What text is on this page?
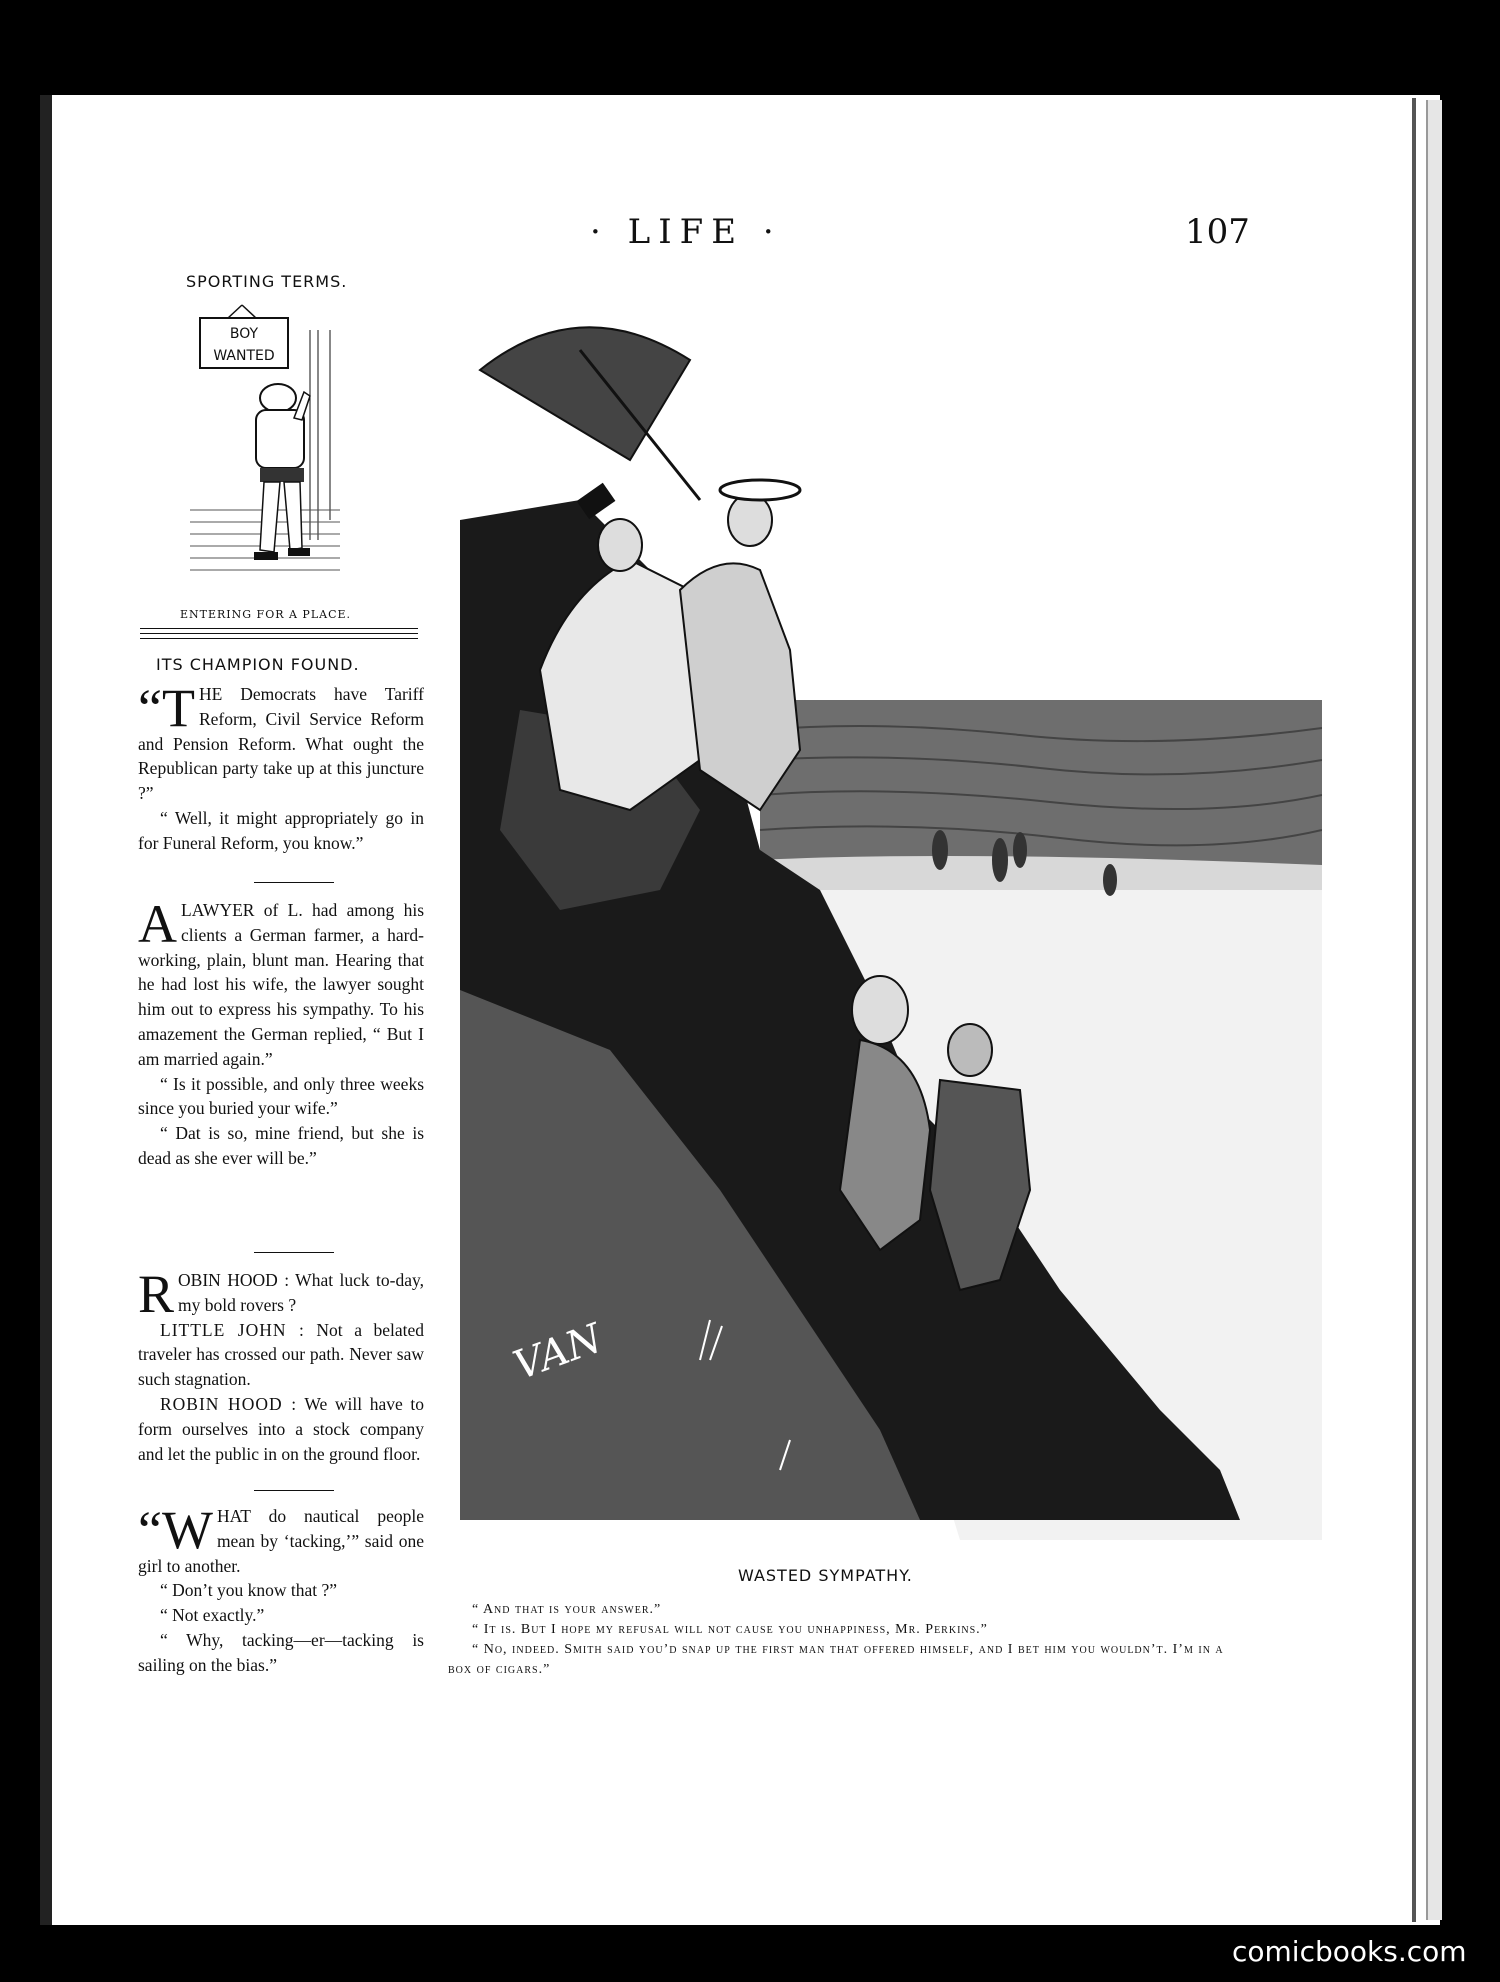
· LIFE ·	107
SPORTING TERMS.
BOY
WANTED
ENTERING FOR A PLACE.
ITS CHAMPION FOUND.

“T HE Democrats have Tariff Reform, Civil Service Reform and Pension Reform. What ought the Republican party take up at this juncture ?”

“ Well, it might appropriately go in for Funeral Reform, you know.”

ALAWYER of L. had among his clients a German farmer, a hard-working, plain, blunt man. Hearing that he had lost his wife, the lawyer sought him out to express his sympathy. To his amazement the German replied, “ But I am married again.”

“ Is it possible, and only three weeks since you buried your wife.”

“ Dat is so, mine friend, but she is dead as she ever will be.”

ROBIN HOOD : What luck to-day, my bold rovers ?

LITTLE JOHN : Not a belated traveler has crossed our path. Never saw such stagnation.

ROBIN HOOD : We will have to form ourselves into a stock company and let the public in on the ground floor.

“W HAT do nautical people mean by ‘tacking,’” said one girl to another.

“ Don’t you know that ?”

“ Not exactly.”

“ Why, tacking—er—tacking is sailing on the bias.”

VAN
WASTED SYMPATHY.

“ And that is your answer.”

“ It is. But I hope my refusal will not cause you unhappiness, Mr. Perkins.”

“ No, indeed. Smith said you’d snap up the first man that offered himself, and I bet him you wouldn’t. I’m in a box of cigars.”

comicbooks.com
